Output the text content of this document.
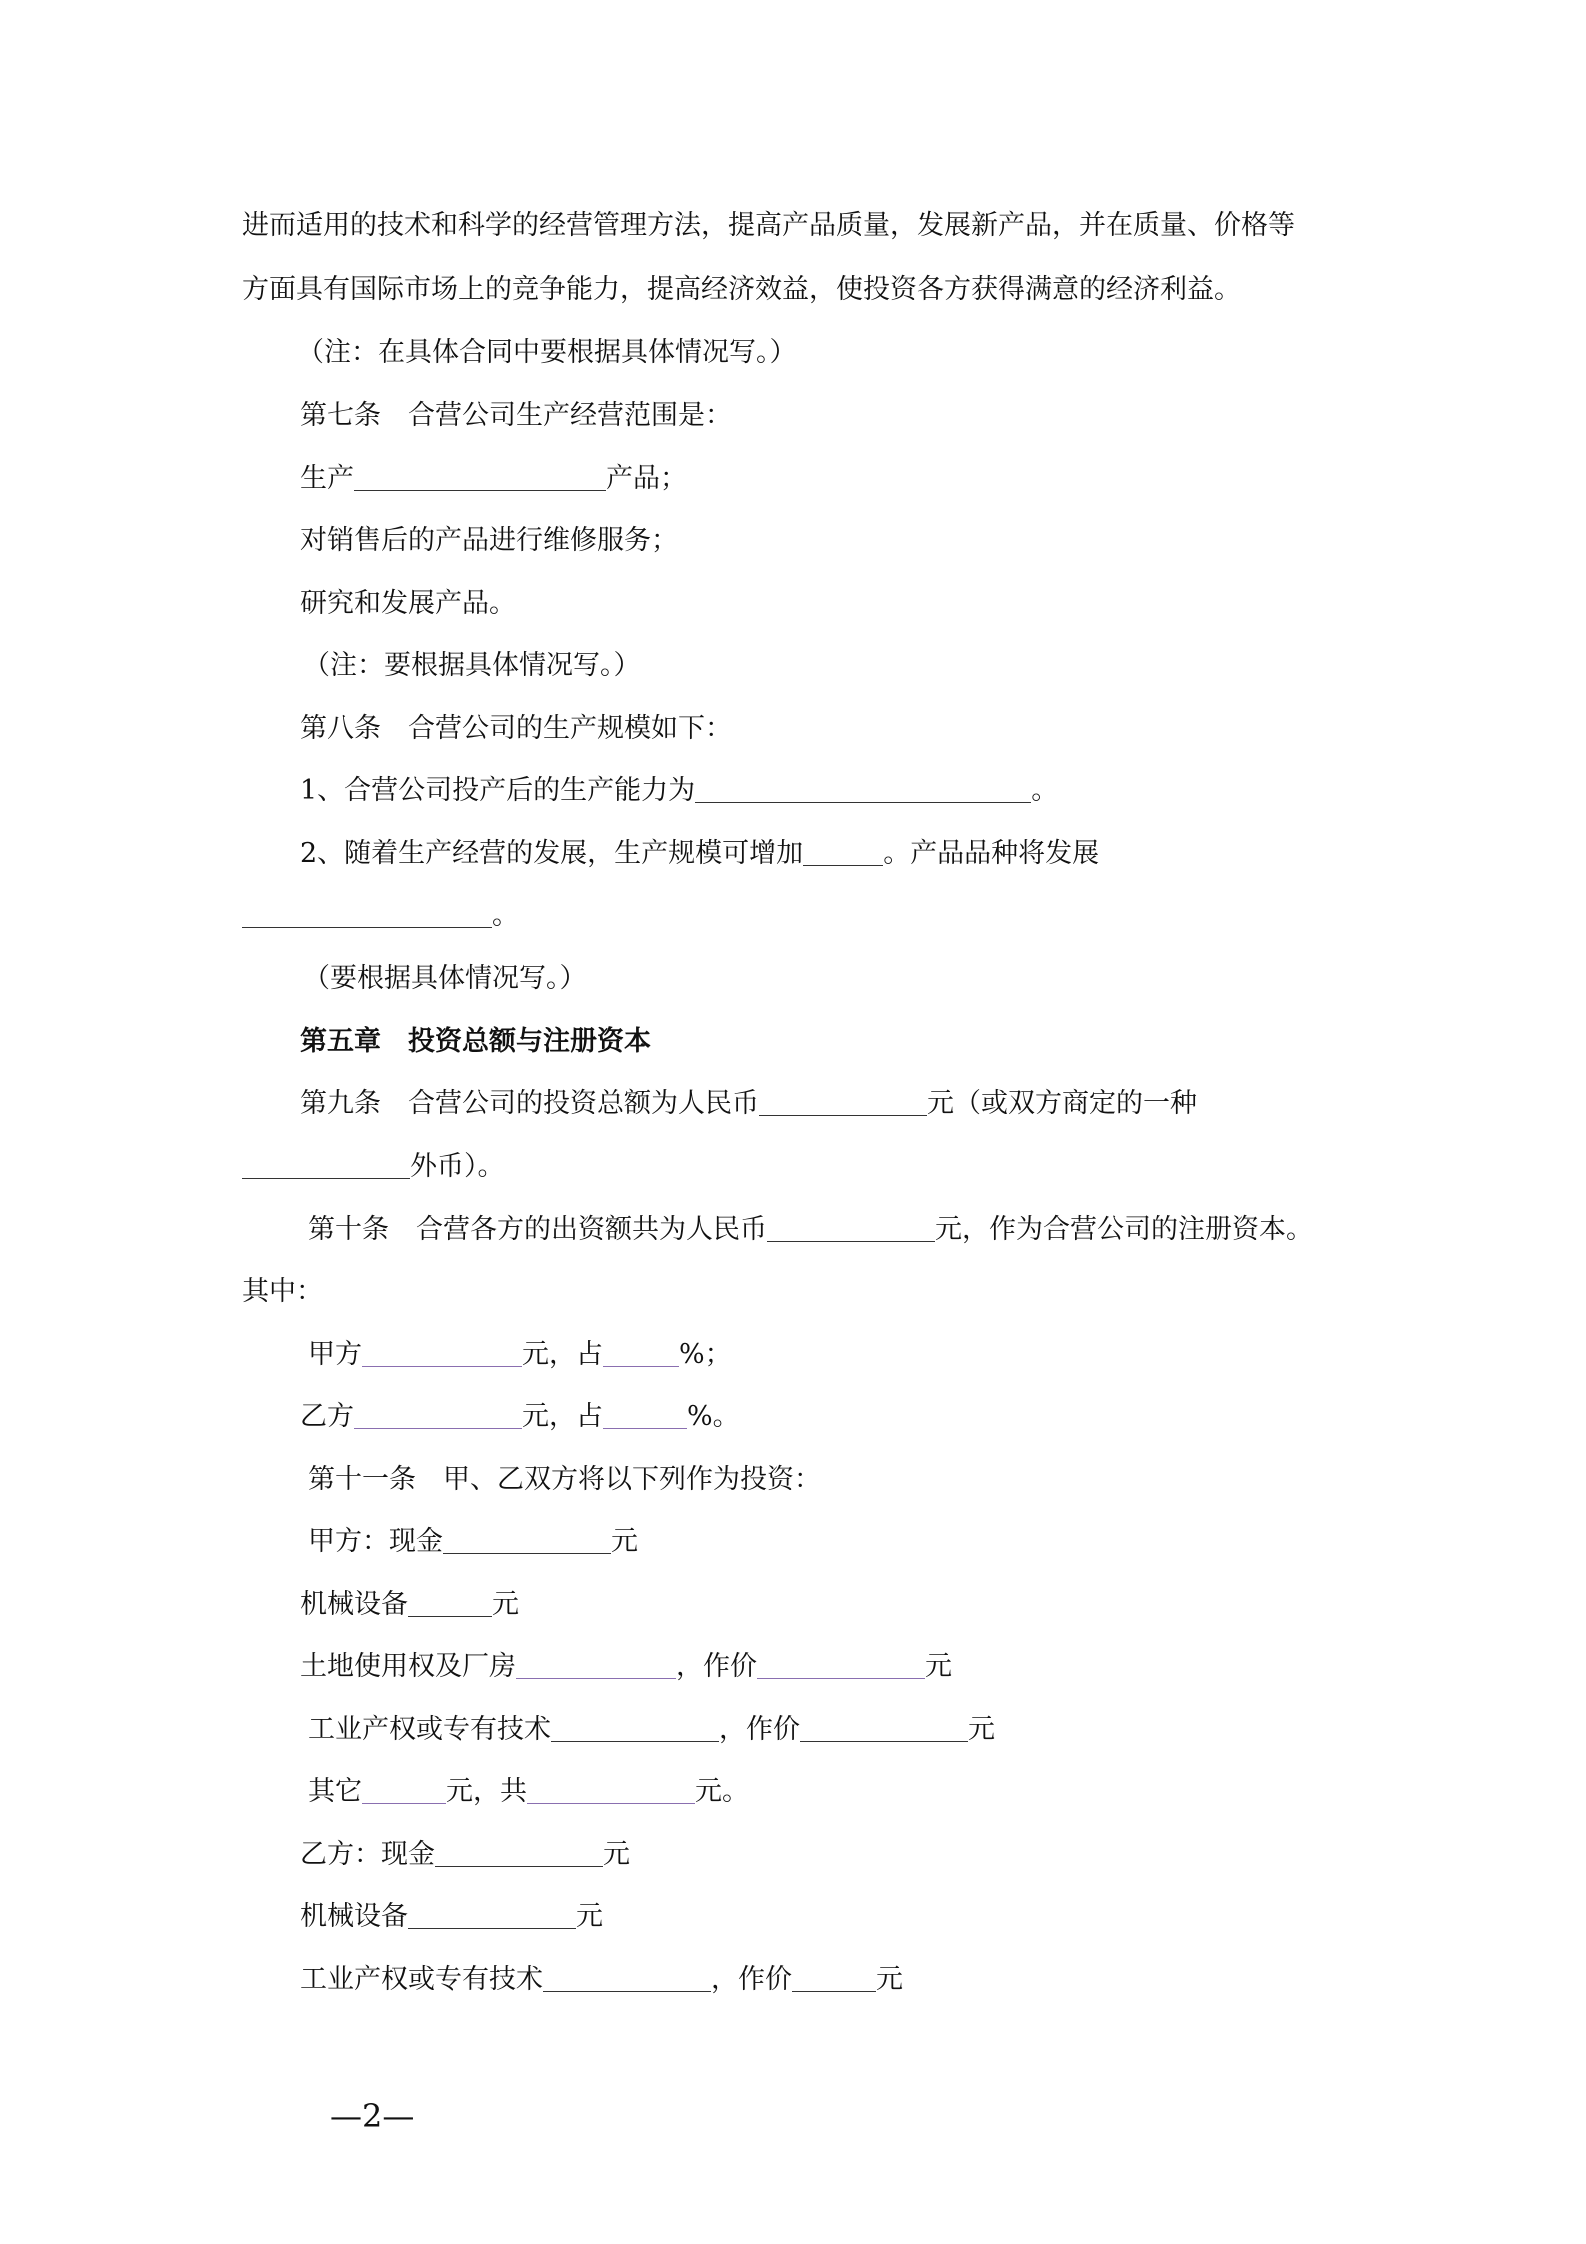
进而适用的技术和科学的经营管理方法，提高产品质量，发展新产品，并在质量、价格等
方面具有国际市场上的竞争能力，提高经济效益，使投资各方获得满意的经济利益。
（注：在具体合同中要根据具体情况写。）
第七条　合营公司生产经营范围是：
生产	产品；
对销售后的产品进行维修服务；
研究和发展产品。
（注：要根据具体情况写。）
第八条　合营公司的生产规模如下：
1、合营公司投产后的生产能力为	。
2、随着生产经营的发展，生产规模可增加	。产品品种将发展
。
（要根据具体情况写。）
第五章　投资总额与注册资本
第九条　合营公司的投资总额为人民币	元（或双方商定的一种
外币）。
第十条　合营各方的出资额共为人民币	元，作为合营公司的注册资本。
其中：
甲方	元，占	%；
乙方	元，占	%。
第十一条　甲、乙双方将以下列作为投资：
甲方：现金	元
机械设备	元
土地使用权及厂房	，作价	元
工业产权或专有技术	，作价	元
其它	元，共	元。
乙方：现金	元
机械设备	元
工业产权或专有技术	，作价	元
—2—
